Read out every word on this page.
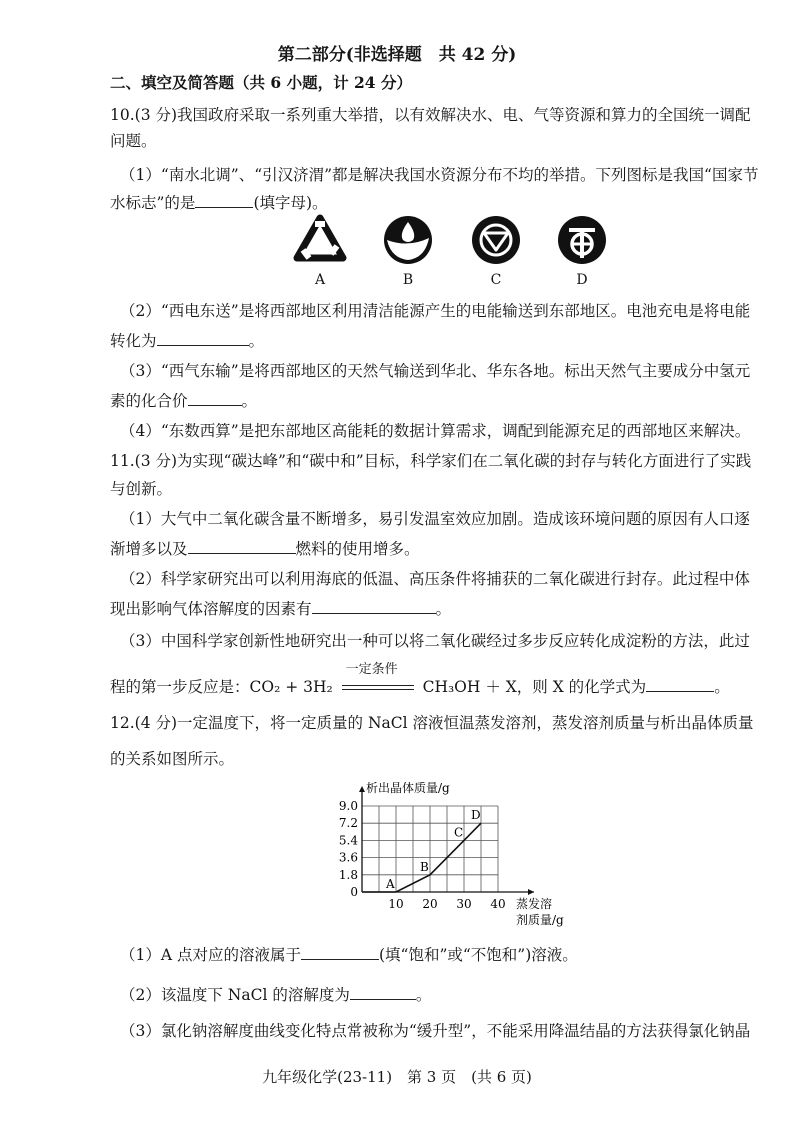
第二部分(非选择题　共 42 分)
二、填空及简答题（共 6 小题，计 24 分）
10.(3 分)我国政府采取一系列重大举措，以有效解决水、电、气等资源和算力的全国统一调配
问题。
（1）“南水北调”、“引汉济渭”都是解决我国水资源分布不均的举措。下列图标是我国“国家节
水标志”的是	(填字母)。
A	B	C	D
（2）“西电东送”是将西部地区利用清洁能源产生的电能输送到东部地区。电池充电是将电能
转化为	。
（3）“西气东输”是将西部地区的天然气输送到华北、华东各地。标出天然气主要成分中氢元
素的化合价	。
（4）“东数西算”是把东部地区高能耗的数据计算需求，调配到能源充足的西部地区来解决。
11.(3 分)为实现“碳达峰”和“碳中和”目标，科学家们在二氧化碳的封存与转化方面进行了实践
与创新。
（1）大气中二氧化碳含量不断增多，易引发温室效应加剧。造成该环境问题的原因有人口逐
渐增多以及	燃料的使用增多。
（2）科学家研究出可以利用海底的低温、高压条件将捕获的二氧化碳进行封存。此过程中体
现出影响气体溶解度的因素有	。
（3）中国科学家创新性地研究出一种可以将二氧化碳经过多步反应转化成淀粉的方法，此过
程的第一步反应是：CO₂ + 3H₂
一定条件
CH₃OH ＋ X，则 X 的化学式为	。
12.(4 分)一定温度下，将一定质量的 NaCl 溶液恒温蒸发溶剂，蒸发溶剂质量与析出晶体质量
的关系如图所示。
9.0
7.2
5.4
3.6
1.8
0
10 20 30 40
析出晶体质量/g
蒸发溶
剂质量/g
A
B
C
D
（1）A 点对应的溶液属于	(填“饱和”或“不饱和”)溶液。
（2）该温度下 NaCl 的溶解度为	。
（3）氯化钠溶解度曲线变化特点常被称为“缓升型”，不能采用降温结晶的方法获得氯化钠晶
九年级化学(23-11)　第 3 页　(共 6 页)
